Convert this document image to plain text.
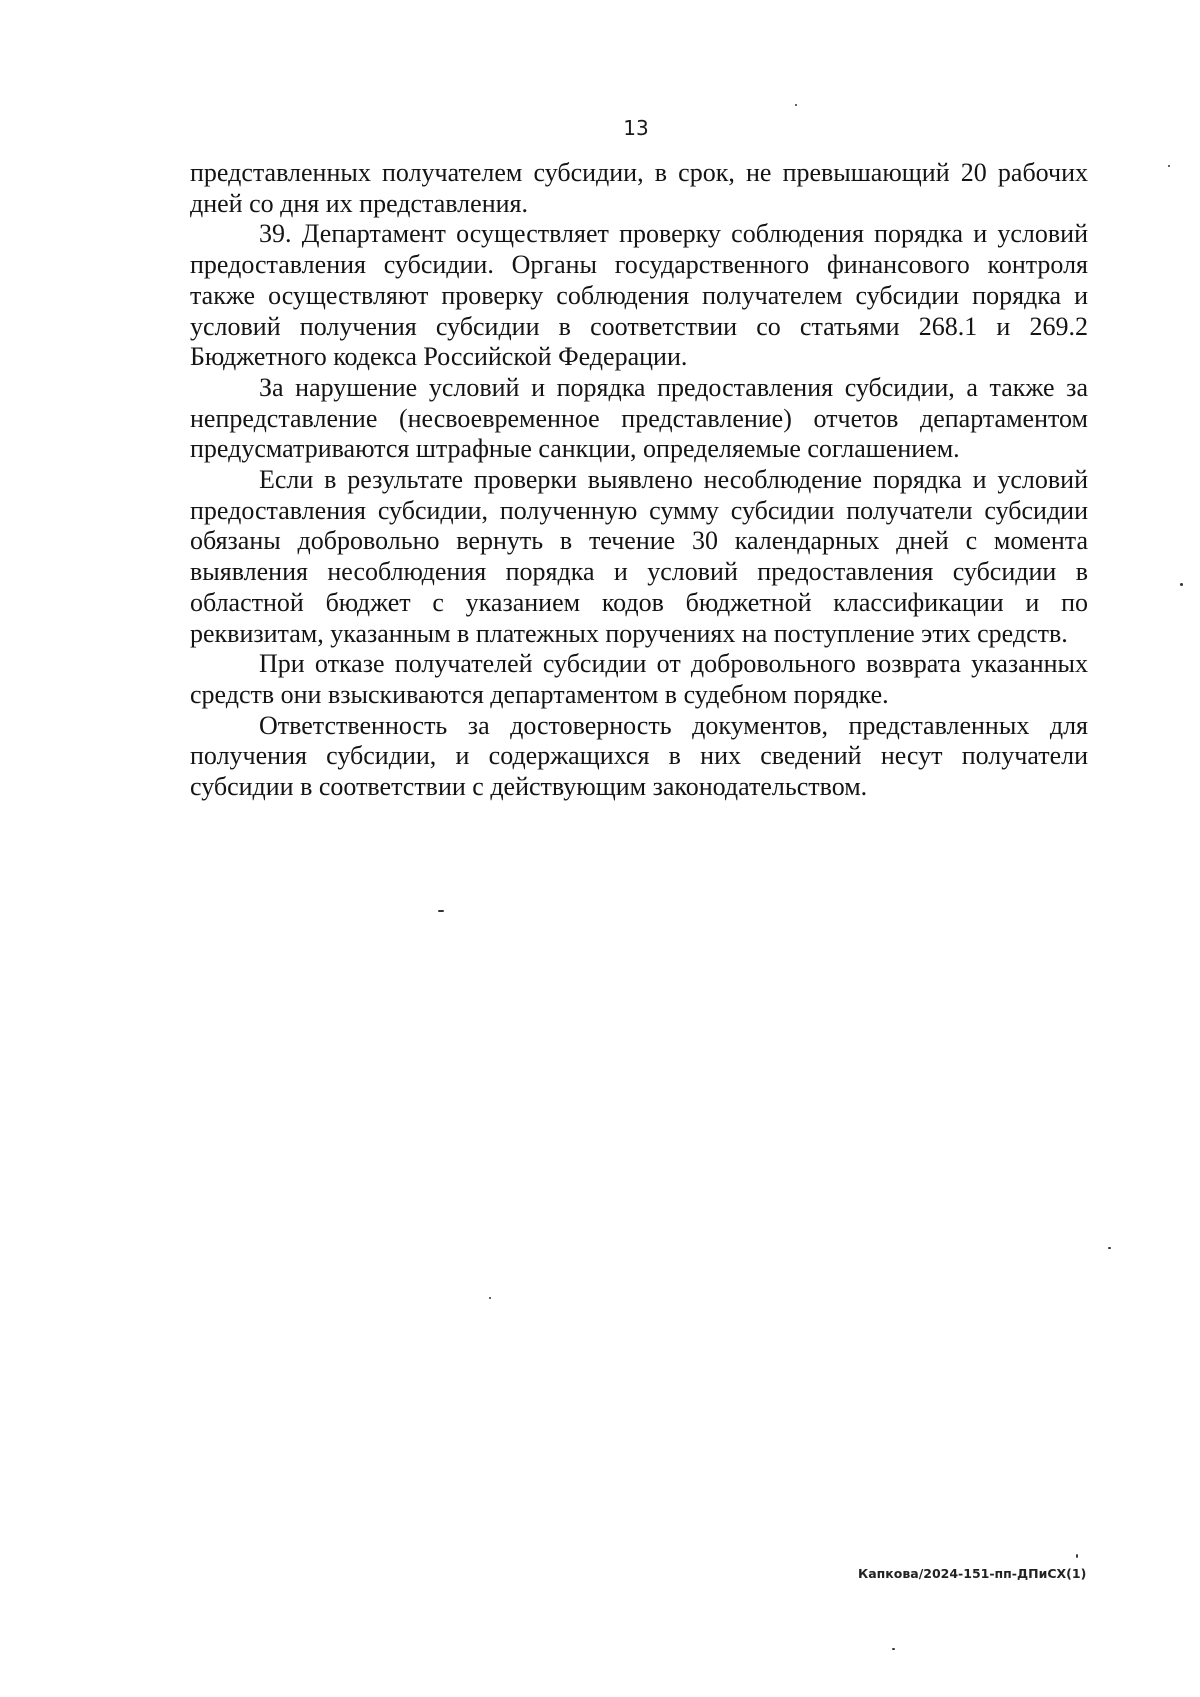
13

представленных получателем субсидии, в срок, не превышающий 20 рабочих дней со дня их представления.

39. Департамент осуществляет проверку соблюдения порядка и условий предоставления субсидии. Органы государственного финансового контроля также осуществляют проверку соблюдения получателем субсидии порядка и условий получения субсидии в соответствии со статьями 268.1 и 269.2 Бюджетного кодекса Российской Федерации.

За нарушение условий и порядка предоставления субсидии, а также за непредставление (несвоевременное представление) отчетов департаментом предусматриваются штрафные санкции, определяемые соглашением.

Если в результате проверки выявлено несоблюдение порядка и условий предоставления субсидии, полученную сумму субсидии получатели субсидии обязаны добровольно вернуть в течение 30 календарных дней с момента выявления несоблюдения порядка и условий предоставления субсидии в областной бюджет с указанием кодов бюджетной классификации и по реквизитам, указанным в платежных поручениях на поступление этих средств.

При отказе получателей субсидии от добровольного возврата указанных средств они взыскиваются департаментом в судебном порядке.

Ответственность за достоверность документов, представленных для получения субсидии, и содержащихся в них сведений несут получатели субсидии в соответствии с действующим законодательством.

Капкова/2024-151-пп-ДПиСХ(1)
